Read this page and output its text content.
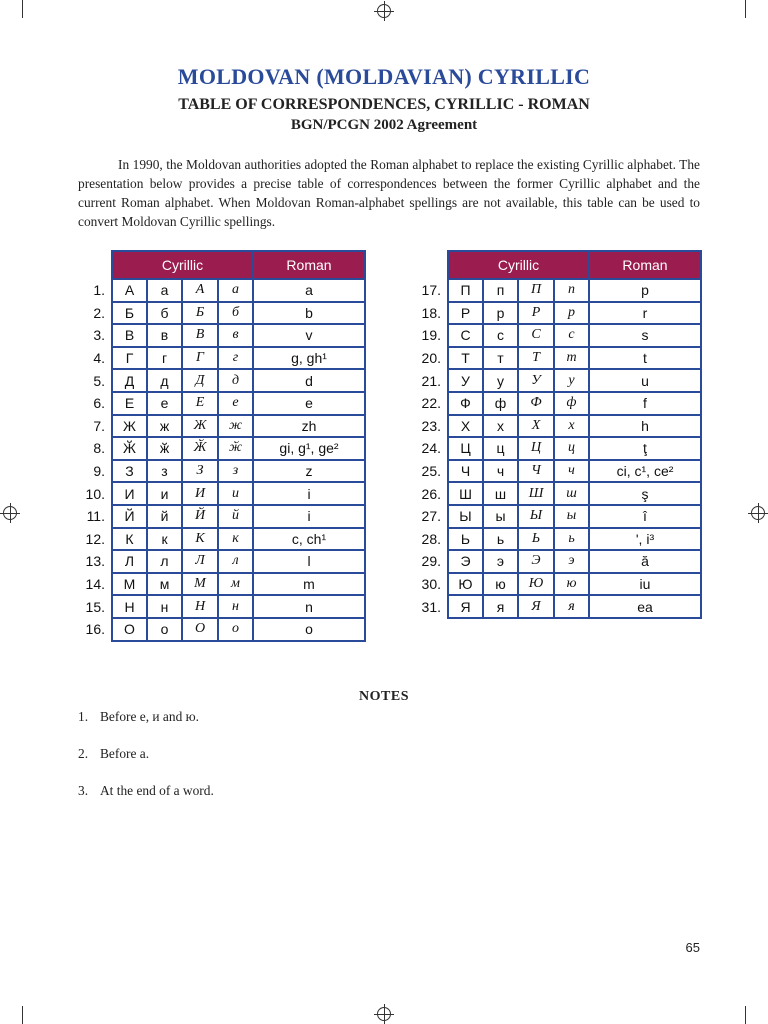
MOLDOVAN (MOLDAVIAN) CYRILLIC
TABLE OF CORRESPONDENCES, CYRILLIC - ROMAN
BGN/PCGN 2002 Agreement

In 1990, the Moldovan authorities adopted the Roman alphabet to replace the existing Cyrillic alphabet. The presentation below provides a precise table of correspondences between the former Cyrillic alphabet and the current Roman alphabet. When Moldovan Roman-alphabet spellings are not available, this table can be used to convert Moldovan Cyrillic spellings.

	Cyrillic				Roman
1.	А	а	А	а	a
2.	Б	б	Б	б	b
3.	В	в	В	в	v
4.	Г	г	Г	г	g, gh¹
5.	Д	д	Д	д	d
6.	Е	е	Е	е	e
7.	Ж	ж	Ж	ж	zh
8.	Ӂ	ӂ	Ӂ	ӂ	gi, g¹, ge²
9.	З	з	З	з	z
10.	И	и	И	и	i
11.	Й	й	Й	й	i
12.	К	к	К	к	c, ch¹
13.	Л	л	Л	л	l
14.	М	м	М	м	m
15.	Н	н	Н	н	n
16.	О	о	О	о	o
	Cyrillic				Roman
17.	П	п	П	п	p
18.	Р	р	Р	р	r
19.	С	с	С	с	s
20.	Т	т	Т	т	t
21.	У	у	У	у	u
22.	Ф	ф	Ф	ф	f
23.	Х	х	Х	х	h
24.	Ц	ц	Ц	ц	ţ
25.	Ч	ч	Ч	ч	ci, c¹, ce²
26.	Ш	ш	Ш	ш	ş
27.	Ы	ы	Ы	ы	î
28.	Ь	ь	Ь	ь	', i³
29.	Э	э	Э	э	ă
30.	Ю	ю	Ю	ю	iu
31.	Я	я	Я	я	ea
NOTES
1. Before e, и and ю.
2. Before a.
3. At the end of a word.
65
